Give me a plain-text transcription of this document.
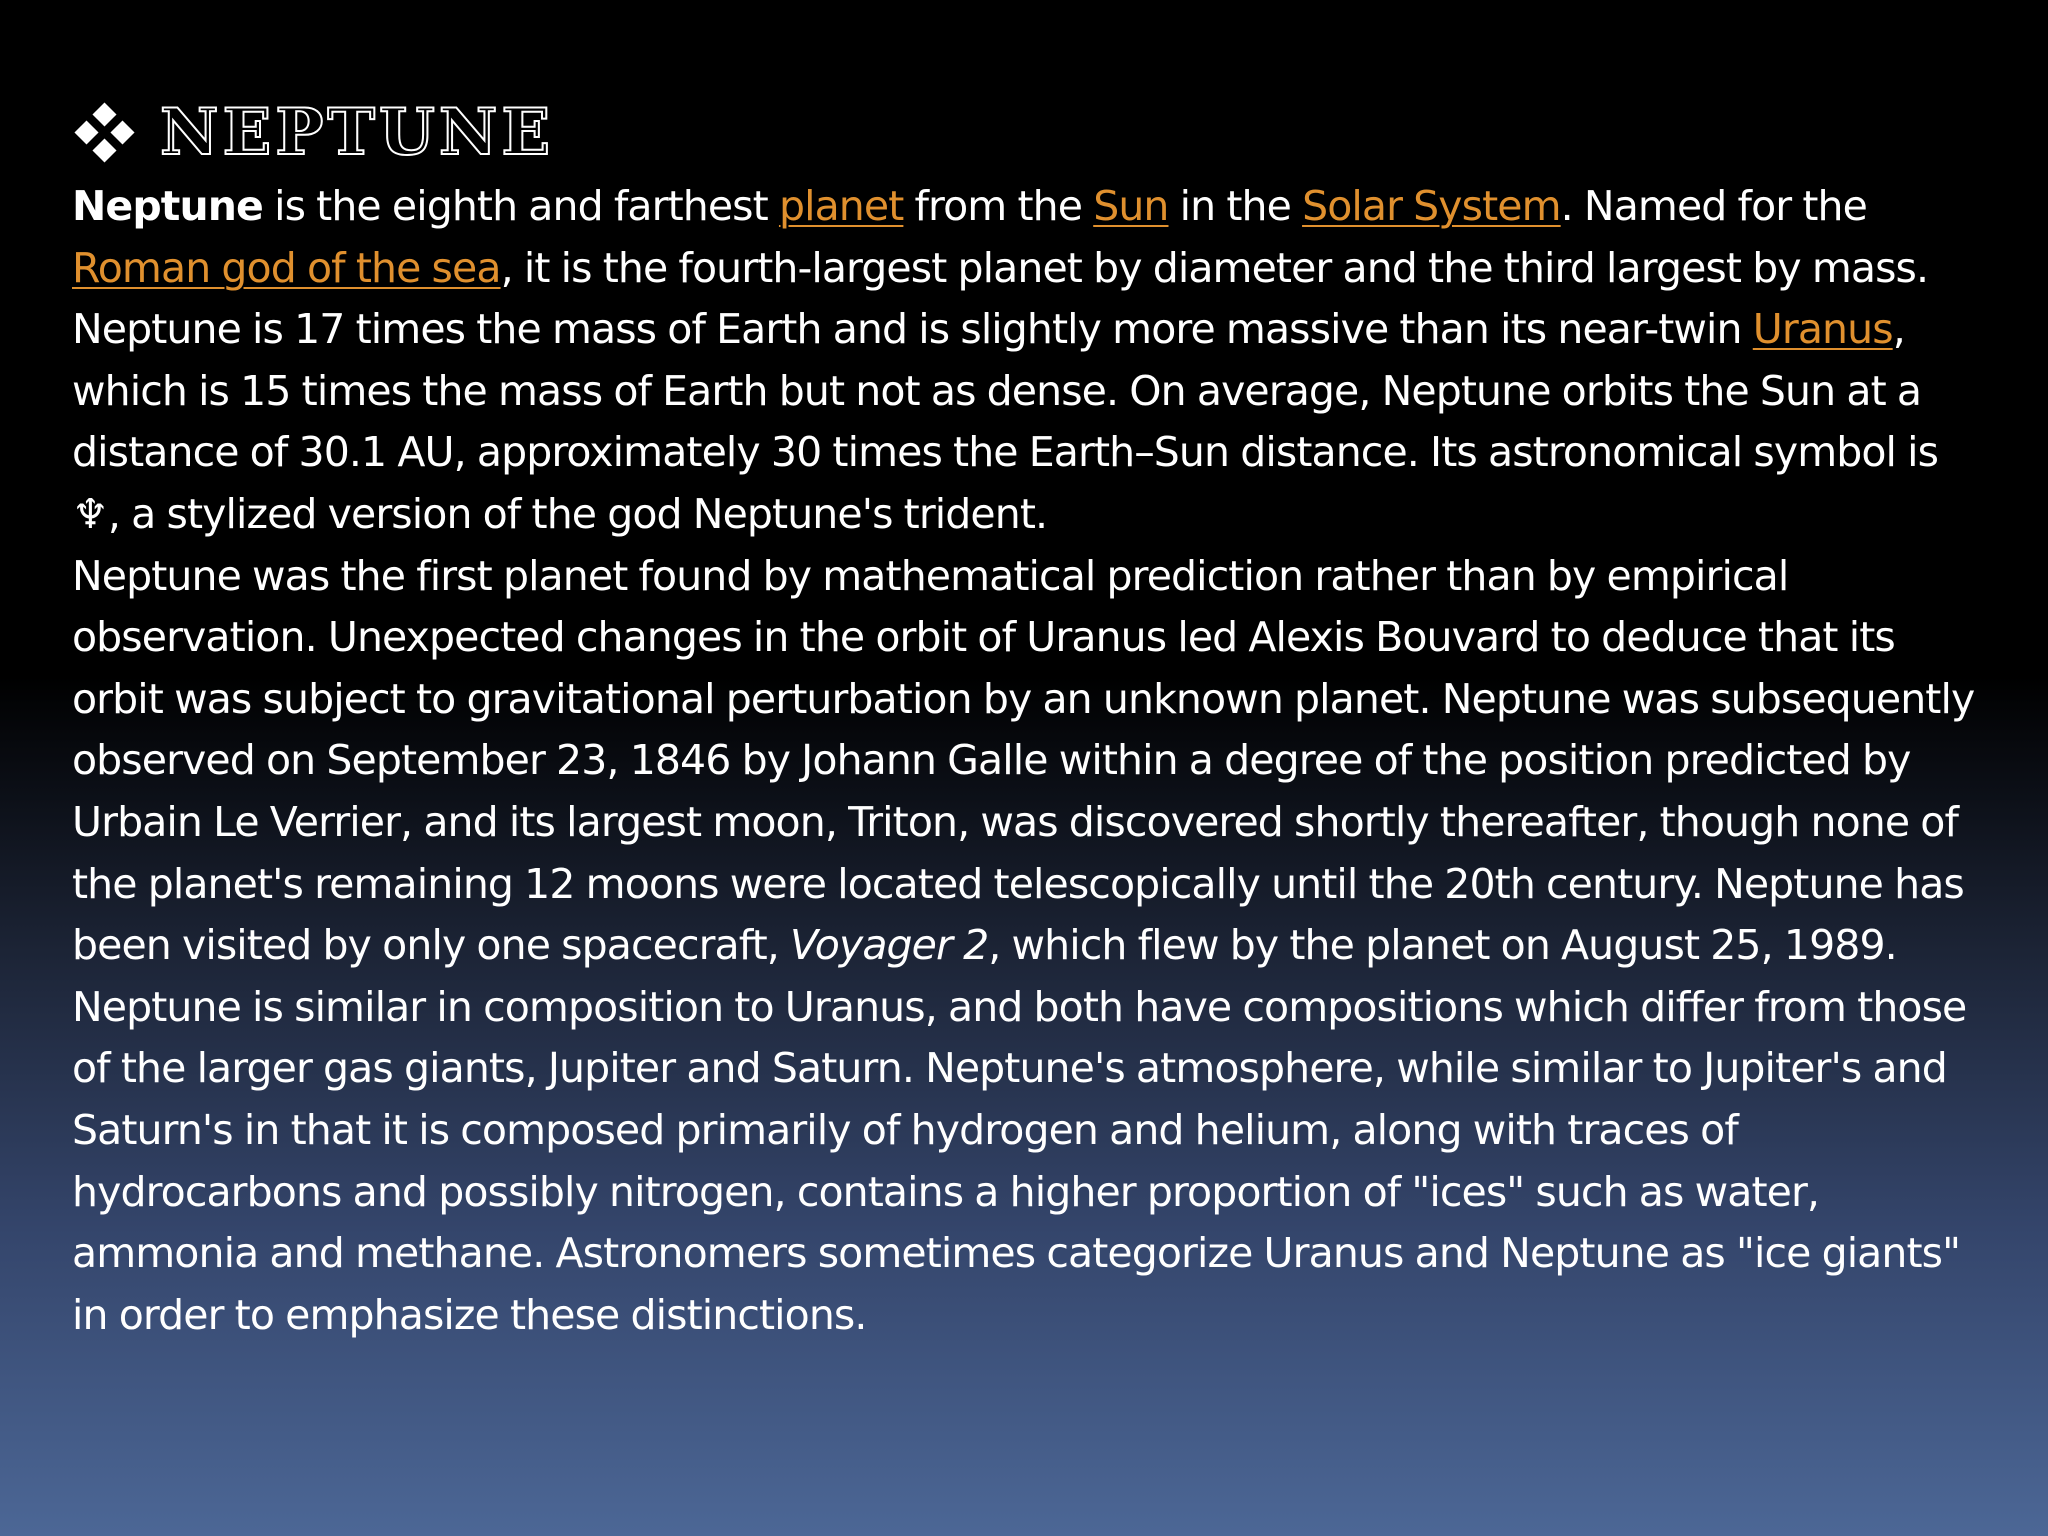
NEPTUNE

Neptune is the eighth and farthest planet from the Sun in the Solar System. Named for the Roman god of the sea, it is the fourth-largest planet by diameter and the third largest by mass. Neptune is 17 times the mass of Earth and is slightly more massive than its near-twin Uranus, which is 15 times the mass of Earth but not as dense. On average, Neptune orbits the Sun at a distance of 30.1 AU, approximately 30 times the Earth–Sun distance. Its astronomical symbol is ♆, a stylized version of the god Neptune's trident.

Neptune was the first planet found by mathematical prediction rather than by empirical observation. Unexpected changes in the orbit of Uranus led Alexis Bouvard to deduce that its orbit was subject to gravitational perturbation by an unknown planet. Neptune was subsequently observed on September 23, 1846 by Johann Galle within a degree of the position predicted by Urbain Le Verrier, and its largest moon, Triton, was discovered shortly thereafter, though none of the planet's remaining 12 moons were located telescopically until the 20th century. Neptune has been visited by only one spacecraft, Voyager 2, which flew by the planet on August 25, 1989.

Neptune is similar in composition to Uranus, and both have compositions which differ from those of the larger gas giants, Jupiter and Saturn. Neptune's atmosphere, while similar to Jupiter's and Saturn's in that it is composed primarily of hydrogen and helium, along with traces of hydrocarbons and possibly nitrogen, contains a higher proportion of "ices" such as water, ammonia and methane. Astronomers sometimes categorize Uranus and Neptune as "ice giants" in order to emphasize these distinctions.
